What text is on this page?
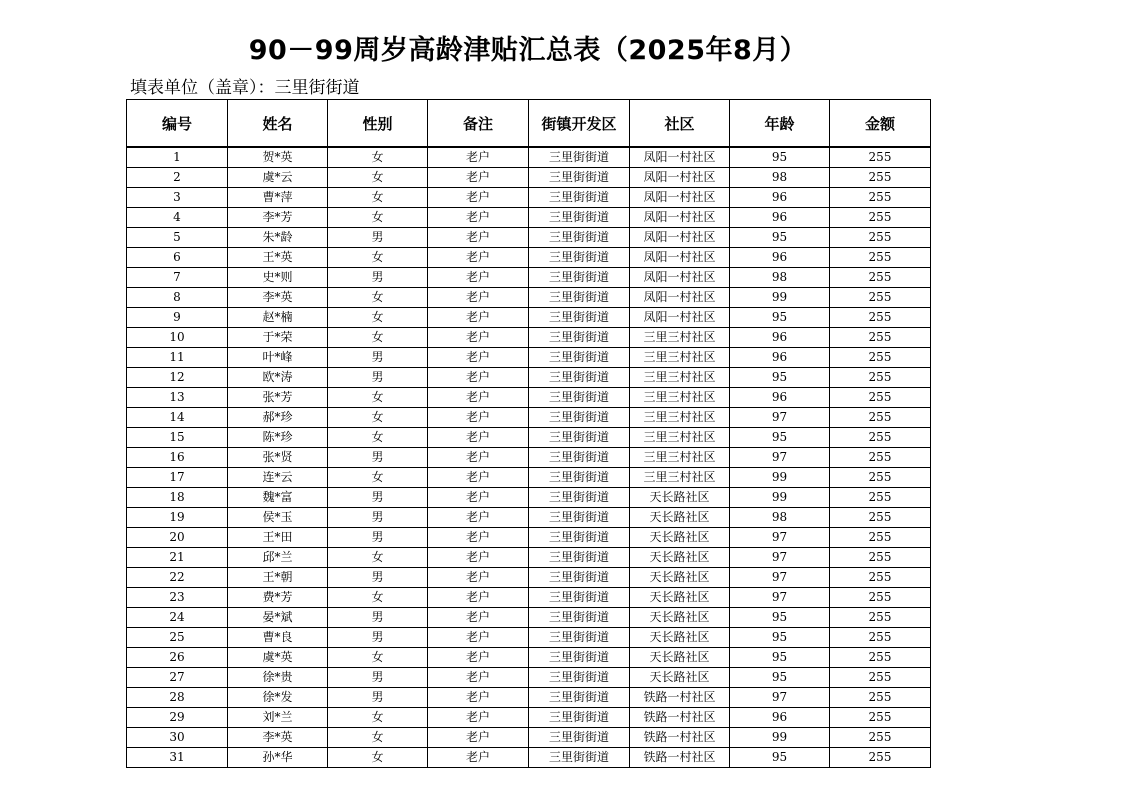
90－99周岁高龄津贴汇总表（2025年8月）
填表单位（盖章）：三里街街道
编号	姓名	性别	备注	街镇开发区	社区	年龄	金额
1	贺*英	女	老户	三里街街道	凤阳一村社区	95	255
2	虞*云	女	老户	三里街街道	凤阳一村社区	98	255
3	曹*萍	女	老户	三里街街道	凤阳一村社区	96	255
4	李*芳	女	老户	三里街街道	凤阳一村社区	96	255
5	朱*龄	男	老户	三里街街道	凤阳一村社区	95	255
6	王*英	女	老户	三里街街道	凤阳一村社区	96	255
7	史*则	男	老户	三里街街道	凤阳一村社区	98	255
8	李*英	女	老户	三里街街道	凤阳一村社区	99	255
9	赵*楠	女	老户	三里街街道	凤阳一村社区	95	255
10	于*荣	女	老户	三里街街道	三里三村社区	96	255
11	叶*峰	男	老户	三里街街道	三里三村社区	96	255
12	欧*涛	男	老户	三里街街道	三里三村社区	95	255
13	张*芳	女	老户	三里街街道	三里三村社区	96	255
14	郝*珍	女	老户	三里街街道	三里三村社区	97	255
15	陈*珍	女	老户	三里街街道	三里三村社区	95	255
16	张*贤	男	老户	三里街街道	三里三村社区	97	255
17	连*云	女	老户	三里街街道	三里三村社区	99	255
18	魏*富	男	老户	三里街街道	天长路社区	99	255
19	侯*玉	男	老户	三里街街道	天长路社区	98	255
20	王*田	男	老户	三里街街道	天长路社区	97	255
21	邱*兰	女	老户	三里街街道	天长路社区	97	255
22	王*朝	男	老户	三里街街道	天长路社区	97	255
23	费*芳	女	老户	三里街街道	天长路社区	97	255
24	晏*斌	男	老户	三里街街道	天长路社区	95	255
25	曹*良	男	老户	三里街街道	天长路社区	95	255
26	虞*英	女	老户	三里街街道	天长路社区	95	255
27	徐*贵	男	老户	三里街街道	天长路社区	95	255
28	徐*发	男	老户	三里街街道	铁路一村社区	97	255
29	刘*兰	女	老户	三里街街道	铁路一村社区	96	255
30	李*英	女	老户	三里街街道	铁路一村社区	99	255
31	孙*华	女	老户	三里街街道	铁路一村社区	95	255
